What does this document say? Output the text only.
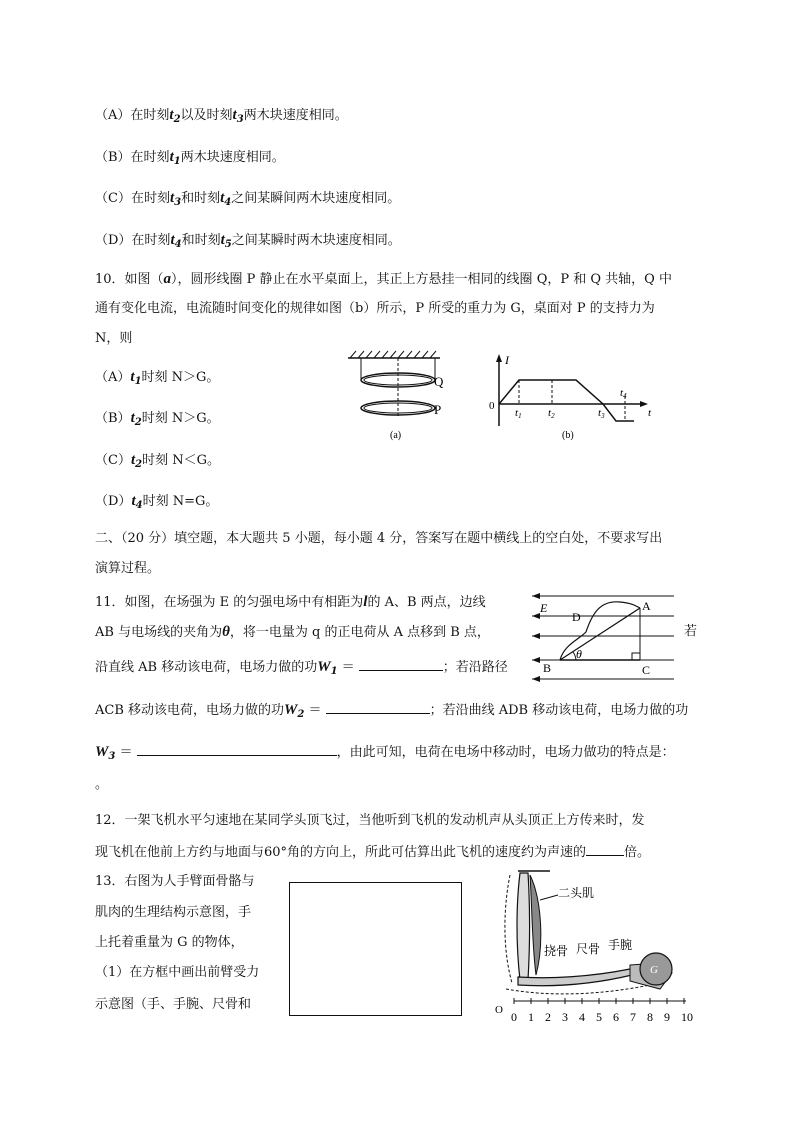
（A）在时刻$t_2$以及时刻$t_3$两木块速度相同。
（B）在时刻$t_1$两木块速度相同。
（C）在时刻$t_3$和时刻$t_4$之间某瞬间两木块速度相同。
（D）在时刻$t_4$和时刻$t_5$之间某瞬时两木块速度相同。
10．如图（a），圆形线圈 P 静止在水平桌面上，其正上方悬挂一相同的线圈 Q，P 和 Q 共轴，Q 中
通有变化电流，电流随时间变化的规律如图（b）所示，P 所受的重力为 G，桌面对 P 的支持力为
N，则
$(A)t_1$时刻 N＞G。
$(B)t_2$时刻 N＞G。
$(C)t_2$时刻 N＜G。
$(D)t_4$时刻 N=G。
Q
P
(a)
I
0
t1 t2	t3
t4
t
(b)
二、（20 分）填空题，本大题共 5 小题，每小题 4 分，答案写在题中横线上的空白处，不要求写出
演算过程。
11．如图，在场强为 E 的匀强电场中有相距为l的 A、B 两点，边线
AB 与电场线的夹角为θ，将一电量为 q 的正电荷从 A 点移到 B 点，	若
沿直线 AB 移动该电荷，电场力做的功$W_1$ ＝	；若沿路径
E	A
D
B	C
θ
ACB 移动该电荷，电场力做的功$W_2$ ＝	；若沿曲线 ADB 移动该电荷，电场力做的功
$W_3$ ＝	，由此可知，电荷在电场中移动时，电场力做功的特点是：
。
12．一架飞机水平匀速地在某同学头顶飞过，当他听到飞机的发动机声从头顶正上方传来时，发
现飞机在他前上方约与地面与60°角的方向上，所此可估算出此飞机的速度约为声速的	倍。
13．右图为人手臂面骨骼与
肌肉的生理结构示意图，手
上托着重量为 G 的物体，
（1）在方框中画出前臂受力
示意图（手、手腕、尺骨和
G
二头肌
挠骨 尺骨 手腕
O 0 1 2 3 4 5 6 7 8 9 10
